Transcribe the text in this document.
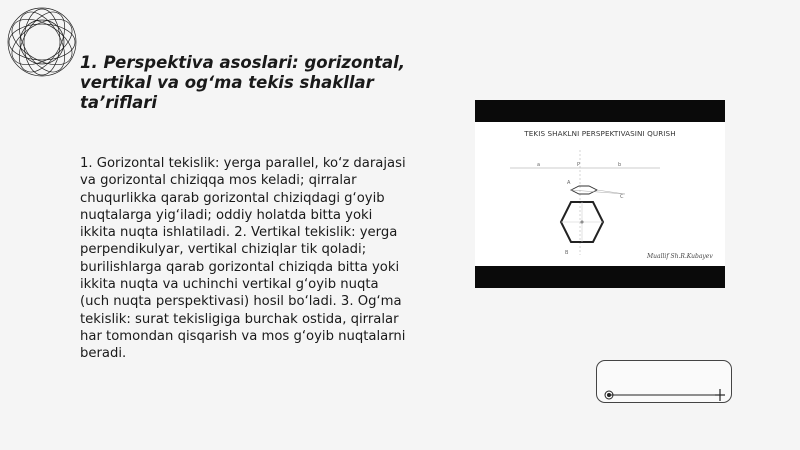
1. Perspektiva asoslari: gorizontal, vertikal va og‘ma tekis shakllar ta’riflari

1. Gorizontal tekislik: yerga parallel, ko‘z darajasi va gorizontal chiziqqa mos keladi; qirralar chuqurlikka qarab gorizontal chiziqdagi g‘oyib nuqtalarga yig‘iladi; oddiy holatda bitta yoki ikkita nuqta ishlatiladi. 2. Vertikal tekislik: yerga perpendikulyar, vertikal chiziqlar tik qoladi; burilishlarga qarab gorizontal chiziqda bitta yoki ikkita nuqta va uchinchi vertikal g‘oyib nuqta (uch nuqta perspektivasi) hosil bo‘ladi. 3. Og‘ma tekislik: surat tekisligiga burchak ostida, qirralar har tomondan qisqarish va mos g‘oyib nuqtalarni beradi.

TEKIS SHAKLNI PERSPEKTIVASINI QURISH
a	P	b
A
C
B	Muallif Sh.R.Kubayev
